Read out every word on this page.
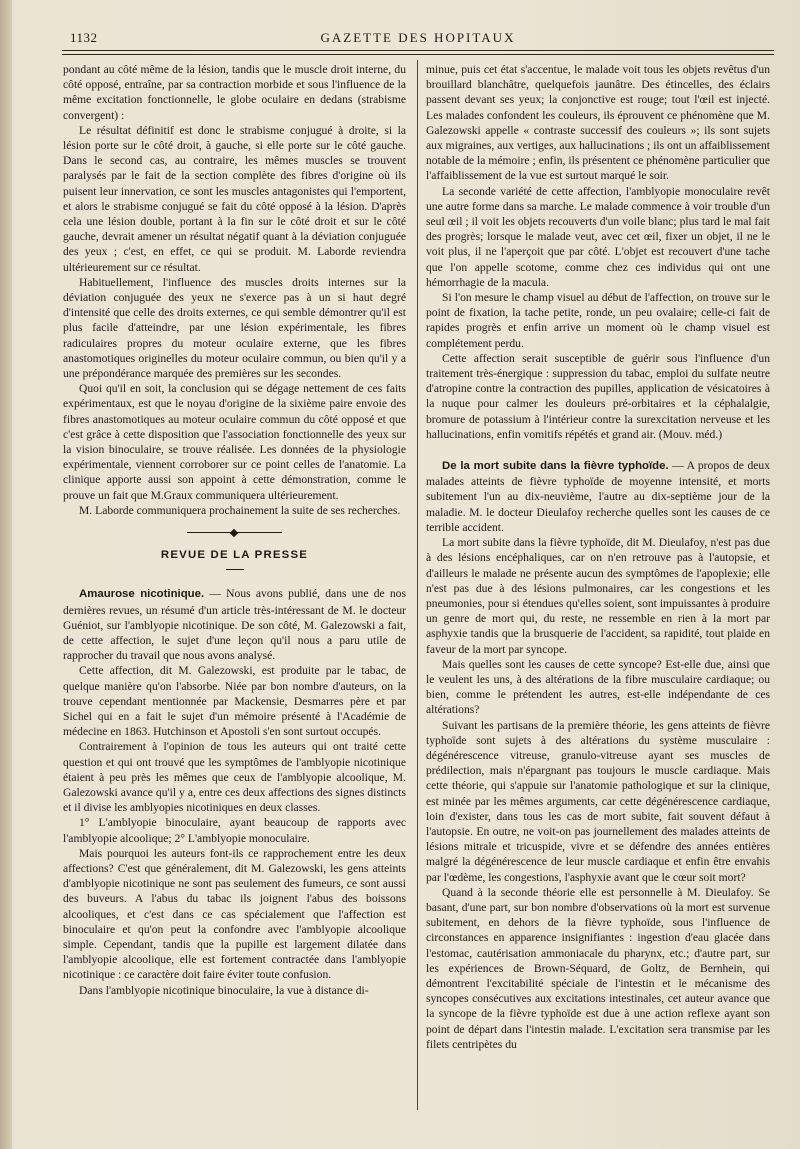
1132	GAZETTE DES HOPITAUX

pondant au côté même de la lésion, tandis que le muscle droit interne, du côté opposé, entraîne, par sa contraction morbide et sous l'influence de la même excitation fonctionnelle, le globe oculaire en dedans (strabisme convergent) :

Le résultat définitif est donc le strabisme conjugué à droite, si la lésion porte sur le côté droit, à gauche, si elle porte sur le côté gauche. Dans le second cas, au contraire, les mêmes muscles se trouvent paralysés par le fait de la section complète des fibres d'origine où ils puisent leur innervation, ce sont les muscles antagonistes qui l'emportent, et alors le strabisme conjugué se fait du côté opposé à la lésion. D'après cela une lésion double, portant à la fin sur le côté droit et sur le côté gauche, devrait amener un résultat négatif quant à la déviation conjuguée des yeux ; c'est, en effet, ce qui se produit. M. Laborde reviendra ultérieurement sur ce résultat.

Habituellement, l'influence des muscles droits internes sur la déviation conjuguée des yeux ne s'exerce pas à un si haut degré d'intensité que celle des droits externes, ce qui semble démontrer qu'il est plus facile d'atteindre, par une lésion expérimentale, les fibres radiculaires propres du moteur oculaire externe, que les fibres anastomotiques originelles du moteur oculaire commun, ou bien qu'il y a une prépondérance marquée des premières sur les secondes.

Quoi qu'il en soit, la conclusion qui se dégage nettement de ces faits expérimentaux, est que le noyau d'origine de la sixième paire envoie des fibres anastomotiques au moteur oculaire commun du côté opposé et que c'est grâce à cette disposition que l'association fonctionnelle des yeux sur la vision binoculaire, se trouve réalisée. Les données de la physiologie expérimentale, viennent corroborer sur ce point celles de l'anatomie. La clinique apporte aussi son appoint à cette démonstration, comme le prouve un fait que M.Graux communiquera ultérieurement.

M. Laborde communiquera prochainement la suite de ses recherches.

REVUE DE LA PRESSE

Amaurose nicotinique. — Nous avons publié, dans une de nos dernières revues, un résumé d'un article très-intéressant de M. le docteur Guéniot, sur l'amblyopie nicotinique. De son côté, M. Galezowski a fait, de cette affection, le sujet d'une leçon qu'il nous a paru utile de rapprocher du travail que nous avons analysé.

Cette affection, dit M. Galezowski, est produite par le tabac, de quelque manière qu'on l'absorbe. Niée par bon nombre d'auteurs, on la trouve cependant mentionnée par Mackensie, Desmarres père et par Sichel qui en a fait le sujet d'un mémoire présenté à l'Académie de médecine en 1863. Hutchinson et Apostoli s'en sont surtout occupés.

Contrairement à l'opinion de tous les auteurs qui ont traité cette question et qui ont trouvé que les symptômes de l'amblyopie nicotinique étaient à peu près les mêmes que ceux de l'amblyopie alcoolique, M. Galezowski avance qu'il y a, entre ces deux affections des signes distincts et il divise les amblyopies nicotiniques en deux classes.

1° L'amblyopie binoculaire, ayant beaucoup de rapports avec l'amblyopie alcoolique; 2° L'amblyopie monoculaire.

Mais pourquoi les auteurs font-ils ce rapprochement entre les deux affections? C'est que généralement, dit M. Galezowski, les gens atteints d'amblyopie nicotinique ne sont pas seulement des fumeurs, ce sont aussi des buveurs. A l'abus du tabac ils joignent l'abus des boissons alcooliques, et c'est dans ce cas spécialement que l'affection est binoculaire et qu'on peut la confondre avec l'amblyopie alcoolique simple. Cependant, tandis que la pupille est largement dilatée dans l'amblyopie alcoolique, elle est fortement contractée dans l'amblyopie nicotinique : ce caractère doit faire éviter toute confusion.

Dans l'amblyopie nicotinique binoculaire, la vue à distance di-

minue, puis cet état s'accentue, le malade voit tous les objets revêtus d'un brouillard blanchâtre, quelquefois jaunâtre. Des étincelles, des éclairs passent devant ses yeux; la conjonctive est rouge; tout l'œil est injecté. Les malades confondent les couleurs, ils éprouvent ce phénomène que M. Galezowski appelle « contraste successif des couleurs »; ils sont sujets aux migraines, aux vertiges, aux hallucinations ; ils ont un affaiblissement notable de la mémoire ; enfin, ils présentent ce phénomène particulier que l'affaiblissement de la vue est surtout marqué le soir.

La seconde variété de cette affection, l'amblyopie monoculaire revêt une autre forme dans sa marche. Le malade commence à voir trouble d'un seul œil ; il voit les objets recouverts d'un voile blanc; plus tard le mal fait des progrès; lorsque le malade veut, avec cet œil, fixer un objet, il ne le voit plus, il ne l'aperçoit que par côté. L'objet est recouvert d'une tache que l'on appelle scotome, comme chez ces individus qui ont une hémorrhagie de la macula.

Si l'on mesure le champ visuel au début de l'affection, on trouve sur le point de fixation, la tache petite, ronde, un peu ovalaire; celle-ci fait de rapides progrès et enfin arrive un moment où le champ visuel est complétement perdu.

Cette affection serait susceptible de guérir sous l'influence d'un traitement très-énergique : suppression du tabac, emploi du sulfate neutre d'atropine contre la contraction des pupilles, application de vésicatoires à la nuque pour calmer les douleurs pré-orbitaires et la céphalalgie, bromure de potassium à l'intérieur contre la surexcitation nerveuse et les hallucinations, enfin vomitifs répétés et grand air. (Mouv. méd.)

De la mort subite dans la fièvre typhoïde. — A propos de deux malades atteints de fièvre typhoïde de moyenne intensité, et morts subitement l'un au dix-neuvième, l'autre au dix-septième jour de la maladie. M. le docteur Dieulafoy recherche quelles sont les causes de ce terrible accident.

La mort subite dans la fièvre typhoïde, dit M. Dieulafoy, n'est pas due à des lésions encéphaliques, car on n'en retrouve pas à l'autopsie, et d'ailleurs le malade ne présente aucun des symptômes de l'apoplexie; elle n'est pas due à des lésions pulmonaires, car les congestions et les pneumonies, pour si étendues qu'elles soient, sont impuissantes à produire un genre de mort qui, du reste, ne ressemble en rien à la mort par asphyxie tandis que la brusquerie de l'accident, sa rapidité, tout plaide en faveur de la mort par syncope.

Mais quelles sont les causes de cette syncope? Est-elle due, ainsi que le veulent les uns, à des altérations de la fibre musculaire cardiaque; ou bien, comme le prétendent les autres, est-elle indépendante de ces altérations?

Suivant les partisans de la première théorie, les gens atteints de fièvre typhoïde sont sujets à des altérations du système musculaire : dégénérescence vitreuse, granulo-vitreuse ayant ses muscles de prédilection, mais n'épargnant pas toujours le muscle cardiaque. Mais cette théorie, qui s'appuie sur l'anatomie pathologique et sur la clinique, est minée par les mêmes arguments, car cette dégénérescence cardiaque, loin d'exister, dans tous les cas de mort subite, fait souvent défaut à l'autopsie. En outre, ne voit-on pas journellement des malades atteints de lésions mitrale et tricuspide, vivre et se défendre des années entières malgré la dégénérescence de leur muscle cardiaque et enfin être envahis par l'œdème, les congestions, l'asphyxie avant que le cœur soit mort?

Quand à la seconde théorie elle est personnelle à M. Dieulafoy. Se basant, d'une part, sur bon nombre d'observations où la mort est survenue subitement, en dehors de la fièvre typhoïde, sous l'influence de circonstances en apparence insignifiantes : ingestion d'eau glacée dans l'estomac, cautérisation ammoniacale du pharynx, etc.; d'autre part, sur les expériences de Brown-Séquard, de Goltz, de Bernhein, qui démontrent l'excitabilité spéciale de l'intestin et le mécanisme des syncopes consécutives aux excitations intestinales, cet auteur avance que la syncope de la fièvre typhoïde est due à une action reflexe ayant son point de départ dans l'intestin malade. L'excitation sera transmise par les filets centripètes du
